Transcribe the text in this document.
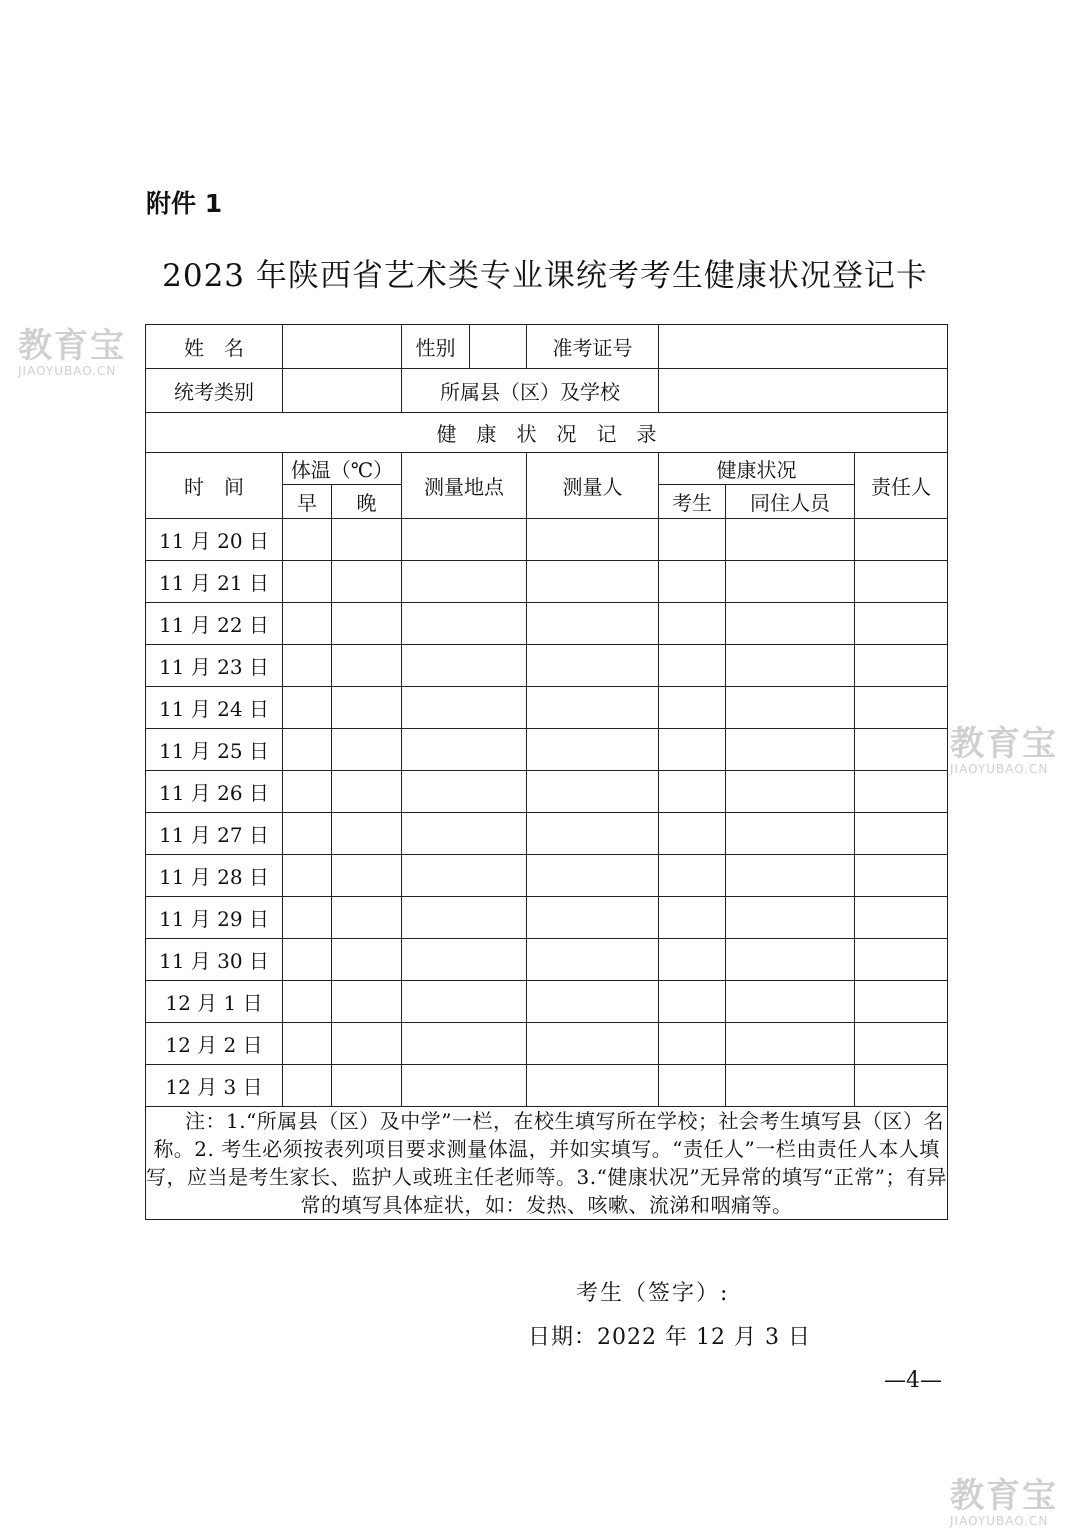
教育宝
JIAOYUBAO.CN
教育宝
JIAOYUBAO.CN
教育宝
JIAOYUBAO.CN
附件 1
2023 年陕西省艺术类专业课统考考生健康状况登记卡
姓　名			性别		准考证号			
统考类别			所属县（区）及学校					
健　康　状　况　记　录								
时　间	体温（℃）		测量地点		测量人	健康状况		责任人
	早	晚				考生	同住人员	
11 月 20 日								
11 月 21 日								
11 月 22 日								
11 月 23 日								
11 月 24 日								
11 月 25 日								
11 月 26 日								
11 月 27 日								
11 月 28 日								
11 月 29 日								
11 月 30 日								
12 月 1 日								
12 月 2 日								
12 月 3 日								
注：1.“所属县（区）及中学”一栏，在校生填写所在学校；社会考生填写县（区）名称。2. 考生必须按表列项目要求测量体温，并如实填写。“责任人”一栏由责任人本人填写，应当是考生家长、监护人或班主任老师等。3.“健康状况”无异常的填写“正常”；有异常的填写具体症状，如：发热、咳嗽、流涕和咽痛等。								
考生（签字）:
日期：2022 年 12 月 3 日
—4—
